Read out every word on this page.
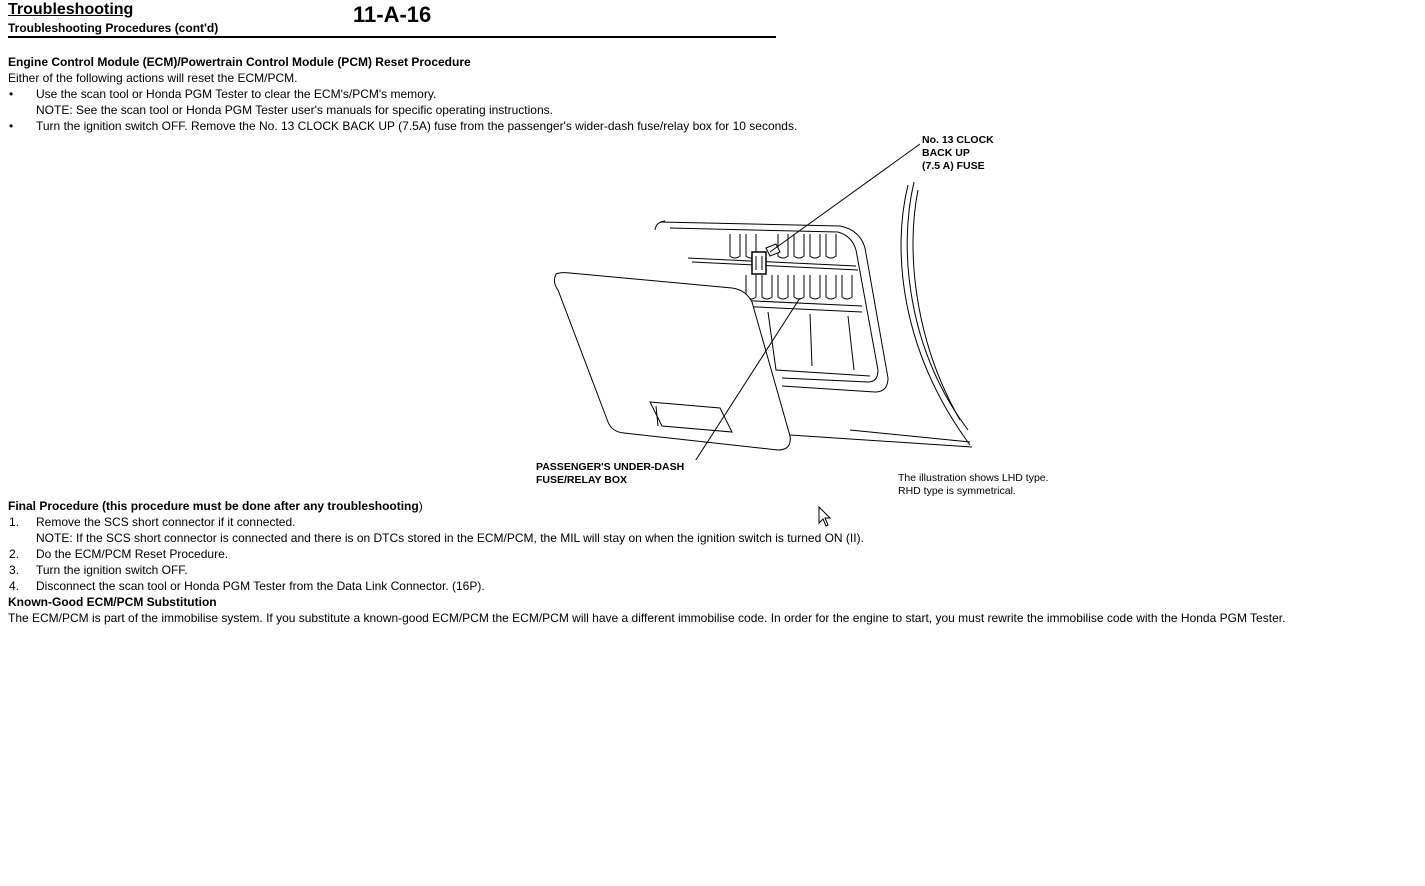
Troubleshooting
Troubleshooting Procedures (cont'd)
11-A-16
Engine Control Module (ECM)/Powertrain Control Module (PCM) Reset Procedure
Either of the following actions will reset the ECM/PCM.
•	Use the scan tool or Honda PGM Tester to clear the ECM's/PCM's memory.
NOTE: See the scan tool or Honda PGM Tester user's manuals for specific operating instructions.
•	Turn the ignition switch OFF. Remove the No. 13 CLOCK BACK UP (7.5A) fuse from the passenger's wider-dash fuse/relay box for 10 seconds.
No. 13 CLOCK
BACK UP
(7.5 A) FUSE
PASSENGER'S UNDER-DASH
FUSE/RELAY BOX	The illustration shows LHD type.
RHD type is symmetrical.
Final Procedure (this procedure must be done after any troubleshooting)
1.	Remove the SCS short connector if it connected.
NOTE: If the SCS short connector is connected and there is on DTCs stored in the ECM/PCM, the MIL will stay on when the ignition switch is turned ON (II).
2.	Do the ECM/PCM Reset Procedure.
3.	Turn the ignition switch OFF.
4.	Disconnect the scan tool or Honda PGM Tester from the Data Link Connector. (16P).
Known-Good ECM/PCM Substitution
The ECM/PCM is part of the immobilise system. If you substitute a known-good ECM/PCM the ECM/PCM will have a different immobilise code. In order for the engine to start, you must rewrite the immobilise code with the Honda PGM Tester.
